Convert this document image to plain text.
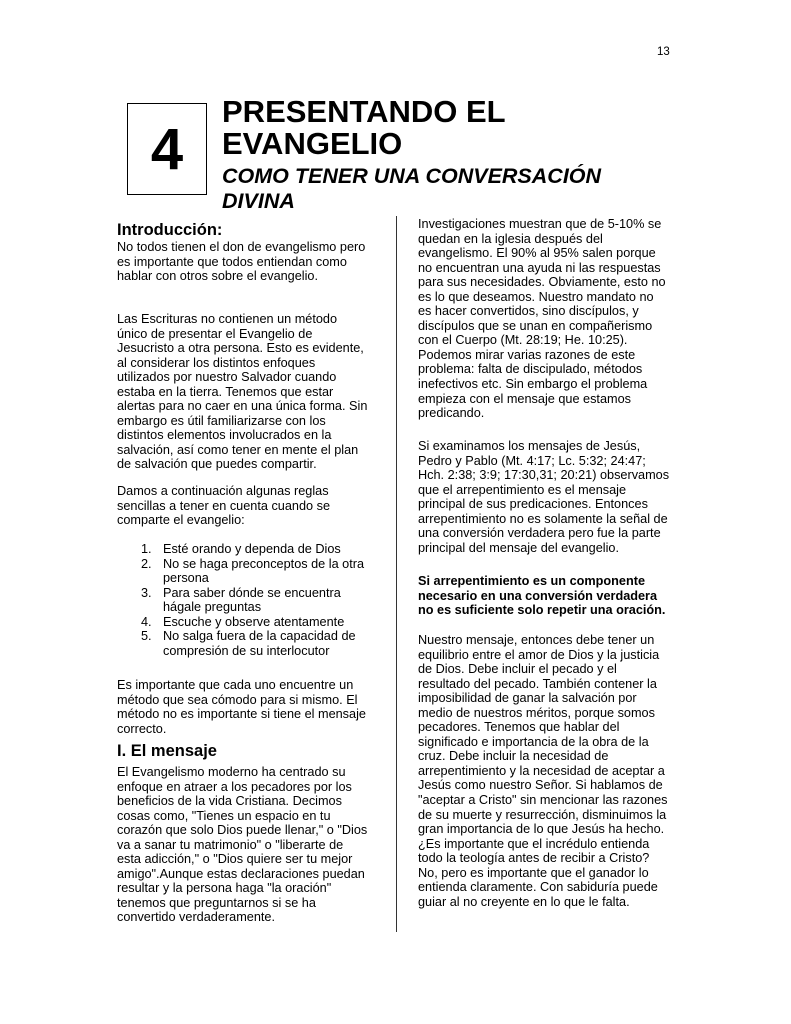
13
4
PRESENTANDO EL
EVANGELIO
COMO TENER UNA CONVERSACIÓN
DIVINA
Introducción:
No todos tienen el don de evangelismo pero
es importante que todos entiendan como
hablar con otros sobre el evangelio.
Las Escrituras no contienen un método
único de presentar el Evangelio de
Jesucristo a otra persona. Esto es evidente,
al considerar los distintos enfoques
utilizados por nuestro Salvador cuando
estaba en la tierra. Tenemos que estar
alertas para no caer en una única forma. Sin
embargo es útil familiarizarse con los
distintos elementos involucrados en la
salvación, así como tener en mente el plan
de salvación que puedes compartir.
Damos a continuación algunas reglas
sencillas a tener en cuenta cuando se
comparte el evangelio:
1. Esté orando y dependa de Dios
2. No se haga preconceptos de la otra persona
3. Para saber dónde se encuentra hágale preguntas
4. Escuche y observe atentamente
5. No salga fuera de la capacidad de compresión de su interlocutor
Es importante que cada uno encuentre un
método que sea cómodo para si mismo. El
método no es importante si tiene el mensaje
correcto.
I. El mensaje
El Evangelismo moderno ha centrado su
enfoque en atraer a los pecadores por los
beneficios de la vida Cristiana. Decimos
cosas como, "Tienes un espacio en tu
corazón que solo Dios puede llenar," o "Dios
va a sanar tu matrimonio" o "liberarte de
esta adicción," o "Dios quiere ser tu mejor
amigo".Aunque estas declaraciones puedan
resultar y la persona haga "la oración"
tenemos que preguntarnos si se ha
convertido verdaderamente.
Investigaciones muestran que de 5-10% se
quedan en la iglesia después del
evangelismo. El 90% al 95% salen porque
no encuentran una ayuda ni las respuestas
para sus necesidades. Obviamente, esto no
es lo que deseamos. Nuestro mandato no
es hacer convertidos, sino discípulos, y
discípulos que se unan en compañerismo
con el Cuerpo (Mt. 28:19; He. 10:25).
Podemos mirar varias razones de este
problema: falta de discipulado, métodos
inefectivos etc. Sin embargo el problema
empieza con el mensaje que estamos
predicando.
Si examinamos los mensajes de Jesús,
Pedro y Pablo (Mt. 4:17; Lc. 5:32; 24:47;
Hch. 2:38; 3:9; 17:30,31; 20:21) observamos
que el arrepentimiento es el mensaje
principal de sus predicaciones. Entonces
arrepentimiento no es solamente la señal de
una conversión verdadera pero fue la parte
principal del mensaje del evangelio.
Si arrepentimiento es un componente
necesario en una conversión verdadera
no es suficiente solo repetir una oración.
Nuestro mensaje, entonces debe tener un
equilibrio entre el amor de Dios y la justicia
de Dios. Debe incluir el pecado y el
resultado del pecado. También contener la
imposibilidad de ganar la salvación por
medio de nuestros méritos, porque somos
pecadores. Tenemos que hablar del
significado e importancia de la obra de la
cruz. Debe incluir la necesidad de
arrepentimiento y la necesidad de aceptar a
Jesús como nuestro Señor. Si hablamos de
"aceptar a Cristo" sin mencionar las razones
de su muerte y resurrección, disminuimos la
gran importancia de lo que Jesús ha hecho.
¿Es importante que el incrédulo entienda
todo la teología antes de recibir a Cristo?
No, pero es importante que el ganador lo
entienda claramente. Con sabiduría puede
guiar al no creyente en lo que le falta.
